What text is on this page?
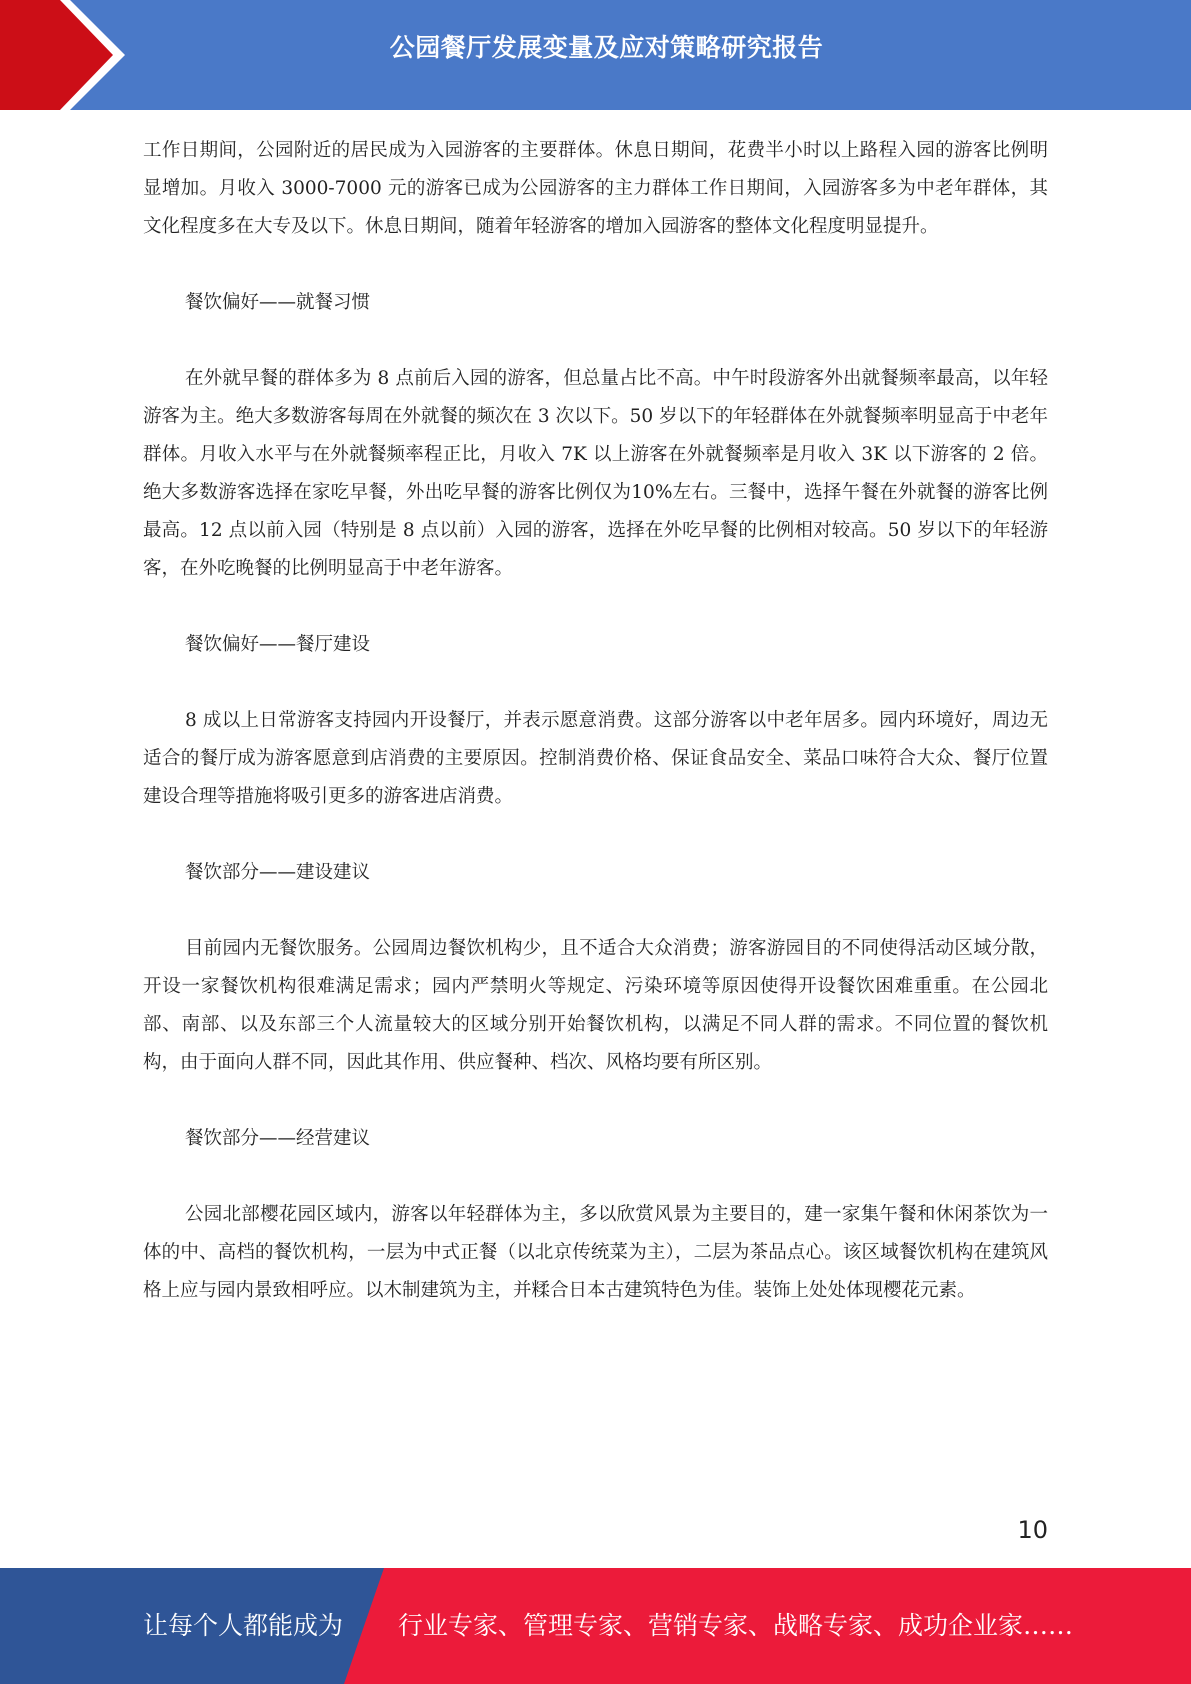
公园餐厅发展变量及应对策略研究报告

工作日期间，公园附近的居民成为入园游客的主要群体。休息日期间，花费半小时以上路程入园的游客比例明显增加。月收入 3000-7000 元的游客已成为公园游客的主力群体工作日期间，入园游客多为中老年群体，其文化程度多在大专及以下。休息日期间，随着年轻游客的增加入园游客的整体文化程度明显提升。

餐饮偏好——就餐习惯

在外就早餐的群体多为 8 点前后入园的游客，但总量占比不高。中午时段游客外出就餐频率最高，以年轻游客为主。绝大多数游客每周在外就餐的频次在 3 次以下。50 岁以下的年轻群体在外就餐频率明显高于中老年群体。月收入水平与在外就餐频率程正比，月收入 7K 以上游客在外就餐频率是月收入 3K 以下游客的 2 倍。绝大多数游客选择在家吃早餐，外出吃早餐的游客比例仅为10%左右。三餐中，选择午餐在外就餐的游客比例最高。12 点以前入园（特别是 8 点以前）入园的游客，选择在外吃早餐的比例相对较高。50 岁以下的年轻游客，在外吃晚餐的比例明显高于中老年游客。

餐饮偏好——餐厅建设

8 成以上日常游客支持园内开设餐厅，并表示愿意消费。这部分游客以中老年居多。园内环境好，周边无适合的餐厅成为游客愿意到店消费的主要原因。控制消费价格、保证食品安全、菜品口味符合大众、餐厅位置建设合理等措施将吸引更多的游客进店消费。

餐饮部分——建设建议

目前园内无餐饮服务。公园周边餐饮机构少，且不适合大众消费；游客游园目的不同使得活动区域分散，开设一家餐饮机构很难满足需求；园内严禁明火等规定、污染环境等原因使得开设餐饮困难重重。在公园北部、南部、以及东部三个人流量较大的区域分别开始餐饮机构，以满足不同人群的需求。不同位置的餐饮机构，由于面向人群不同，因此其作用、供应餐种、档次、风格均要有所区别。

餐饮部分——经营建议

公园北部樱花园区域内，游客以年轻群体为主，多以欣赏风景为主要目的，建一家集午餐和休闲茶饮为一体的中、高档的餐饮机构，一层为中式正餐（以北京传统菜为主），二层为茶品点心。该区域餐饮机构在建筑风格上应与园内景致相呼应。以木制建筑为主，并糅合日本古建筑特色为佳。装饰上处处体现樱花元素。

10
让每个人都能成为 行业专家、管理专家、营销专家、战略专家、成功企业家……
